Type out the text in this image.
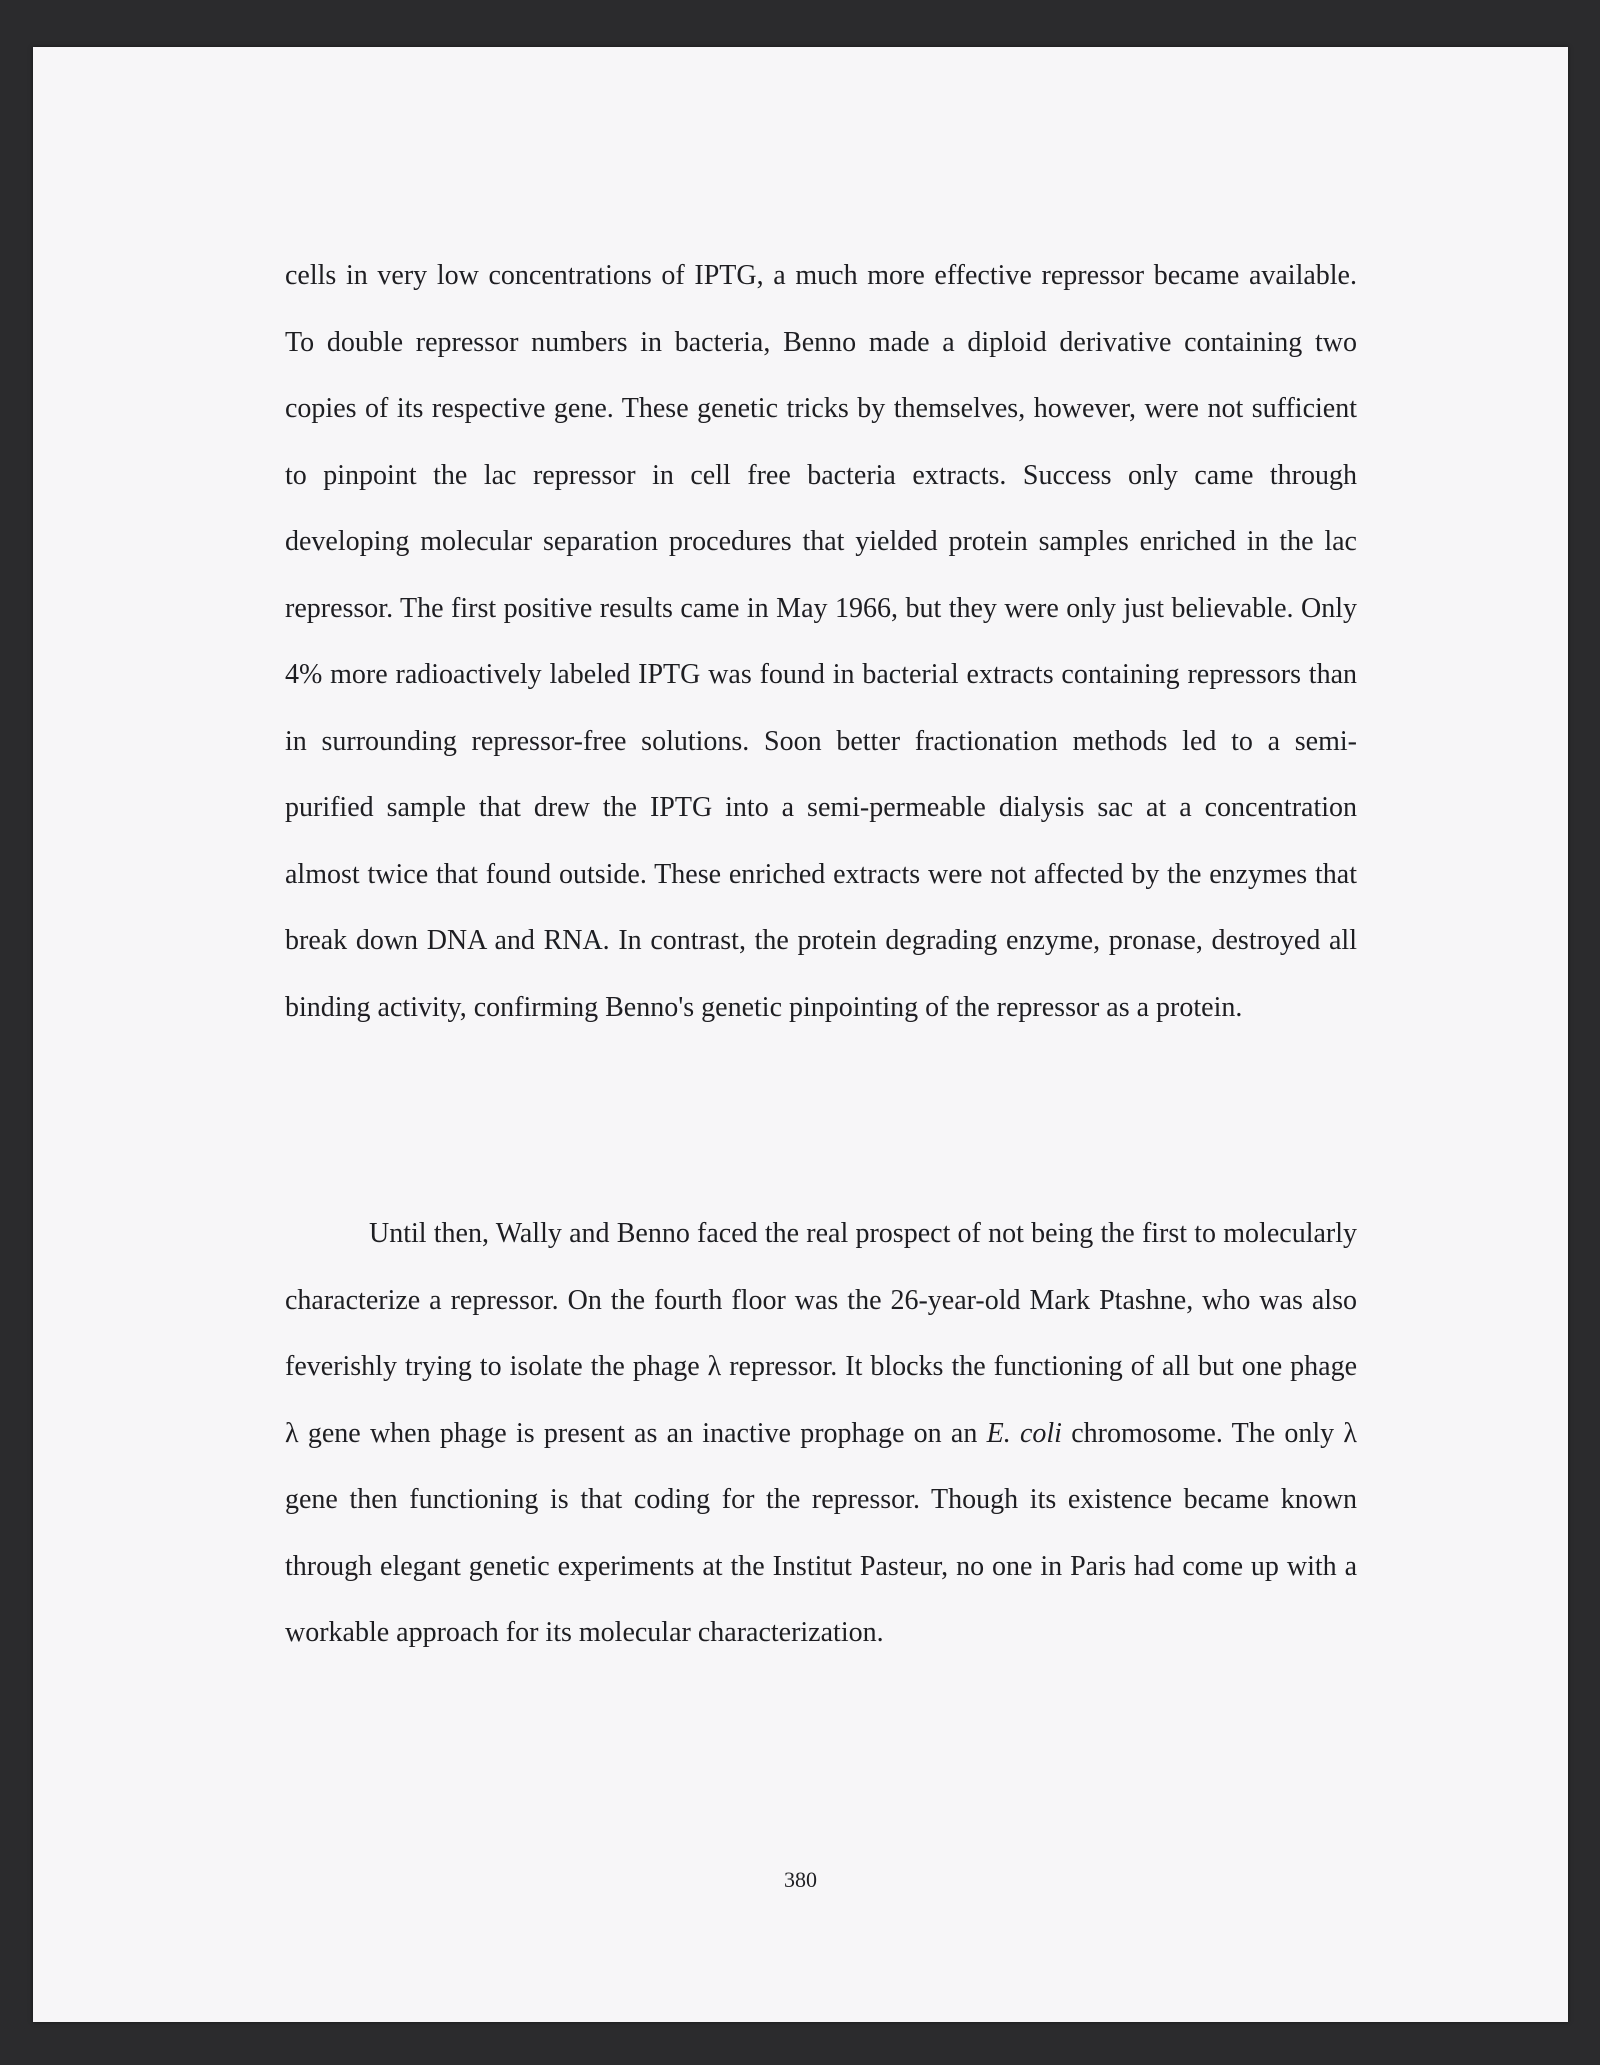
cells in very low concentrations of IPTG, a much more effective repressor became available. To double repressor numbers in bacteria, Benno made a diploid derivative containing two copies of its respective gene. These genetic tricks by themselves, however, were not sufficient to pinpoint the lac repressor in cell free bacteria extracts. Success only came through developing molecular separation procedures that yielded protein samples enriched in the lac repressor. The first positive results came in May 1966, but they were only just believable. Only 4% more radioactively labeled IPTG was found in bacterial extracts containing repressors than in surrounding repressor-free solutions. Soon better fractionation methods led to a semi-purified sample that drew the IPTG into a semi-permeable dialysis sac at a concentration almost twice that found outside. These enriched extracts were not affected by the enzymes that break down DNA and RNA. In contrast, the protein degrading enzyme, pronase, destroyed all binding activity, confirming Benno's genetic pinpointing of the repressor as a protein.

Until then, Wally and Benno faced the real prospect of not being the first to molecularly characterize a repressor. On the fourth floor was the 26-year-old Mark Ptashne, who was also feverishly trying to isolate the phage λ repressor. It blocks the functioning of all but one phage λ gene when phage is present as an inactive prophage on an E. coli chromosome. The only λ gene then functioning is that coding for the repressor. Though its existence became known through elegant genetic experiments at the Institut Pasteur, no one in Paris had come up with a workable approach for its molecular characterization.

380
